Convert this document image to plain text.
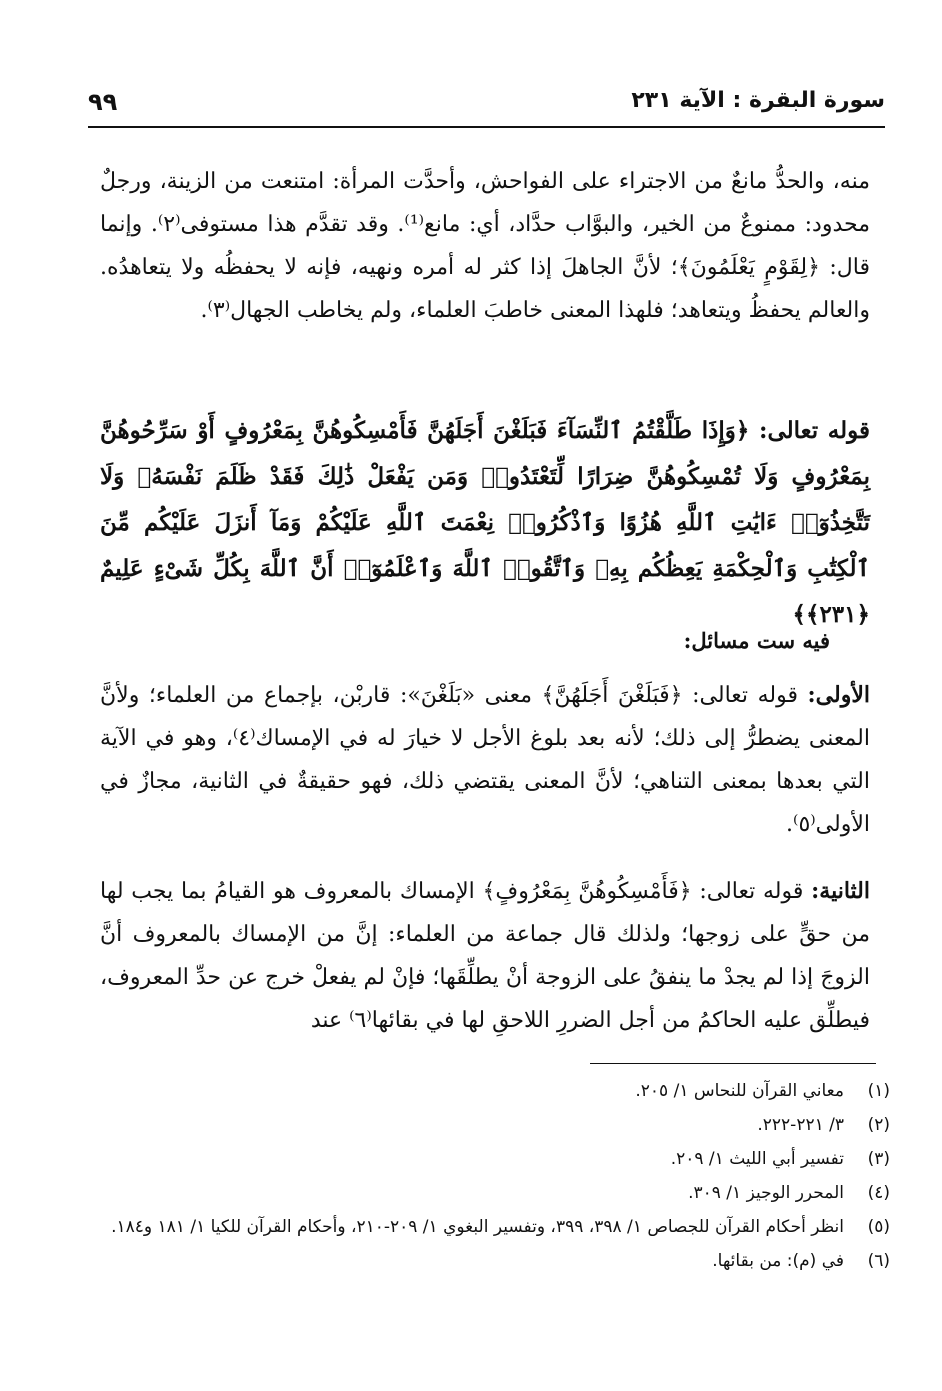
سورة البقرة : الآية ٢٣١
٩٩

منه، والحدُّ مانعٌ من الاجتراء على الفواحش، وأحدَّت المرأة: امتنعت من الزينة، ورجلٌ محدود: ممنوعٌ من الخير، والبوَّاب حدَّاد، أي: مانع⁽¹⁾. وقد تقدَّم هذا مستوفى⁽٢⁾. وإنما قال: ﴿لِقَوْمٍ يَعْلَمُونَ﴾؛ لأنَّ الجاهلَ إذا كثر له أمره ونهيه، فإنه لا يحفظُه ولا يتعاهدُه. والعالم يحفظُ ويتعاهد؛ فلهذا المعنى خاطبَ العلماء، ولم يخاطب الجهال⁽٣⁾.

قوله تعالى: ﴿وَإِذَا طَلَّقْتُمُ ٱلنِّسَآءَ فَبَلَغْنَ أَجَلَهُنَّ فَأَمْسِكُوهُنَّ بِمَعْرُوفٍ أَوْ سَرِّحُوهُنَّ بِمَعْرُوفٍ وَلَا تُمْسِكُوهُنَّ ضِرَارًا لِّتَعْتَدُوا۟ وَمَن يَفْعَلْ ذَٰلِكَ فَقَدْ ظَلَمَ نَفْسَهُۥ وَلَا تَتَّخِذُوٓا۟ ءَايَٰتِ ٱللَّهِ هُزُوًا وَٱذْكُرُوا۟ نِعْمَتَ ٱللَّهِ عَلَيْكُمْ وَمَآ أَنزَلَ عَلَيْكُم مِّنَ ٱلْكِتَٰبِ وَٱلْحِكْمَةِ يَعِظُكُم بِهِۦ وَٱتَّقُوا۟ ٱللَّهَ وَٱعْلَمُوٓا۟ أَنَّ ٱللَّهَ بِكُلِّ شَىْءٍ عَلِيمٌ ﴿٢٣١﴾﴾
فيه ست مسائل:

الأولى: قوله تعالى: ﴿فَبَلَغْنَ أَجَلَهُنَّ﴾ معنى «بَلَغْنَ»: قاربْن، بإجماع من العلماء؛ ولأنَّ المعنى يضطرُّ إلى ذلك؛ لأنه بعد بلوغ الأجل لا خيارَ له في الإمساك⁽٤⁾، وهو في الآية التي بعدها بمعنى التناهي؛ لأنَّ المعنى يقتضي ذلك، فهو حقيقةٌ في الثانية، مجازٌ في الأولى⁽٥⁾.

الثانية: قوله تعالى: ﴿فَأَمْسِكُوهُنَّ بِمَعْرُوفٍ﴾ الإمساك بالمعروف هو القيامُ بما يجب لها من حقٍّ على زوجها؛ ولذلك قال جماعة من العلماء: إنَّ من الإمساك بالمعروف أنَّ الزوجَ إذا لم يجدْ ما ينفقُ على الزوجة أنْ يطلِّقَها؛ فإنْ لم يفعلْ خرج عن حدِّ المعروف، فيطلِّق عليه الحاكمُ من أجل الضررِ اللاحقِ لها في بقائها⁽٦⁾ عند

(١)
معاني القرآن للنحاس ١/ ٢٠٥.
(٢)
٣/ ٢٢١-٢٢٢.
(٣)
تفسير أبي الليث ١/ ٢٠٩.
(٤)
المحرر الوجيز ١/ ٣٠٩.
(٥)
انظر أحكام القرآن للجصاص ١/ ٣٩٨، ٣٩٩، وتفسير البغوي ١/ ٢٠٩-٢١٠، وأحكام القرآن للكيا ١/ ١٨١ و١٨٤.
(٦)
في (م): من بقائها.
